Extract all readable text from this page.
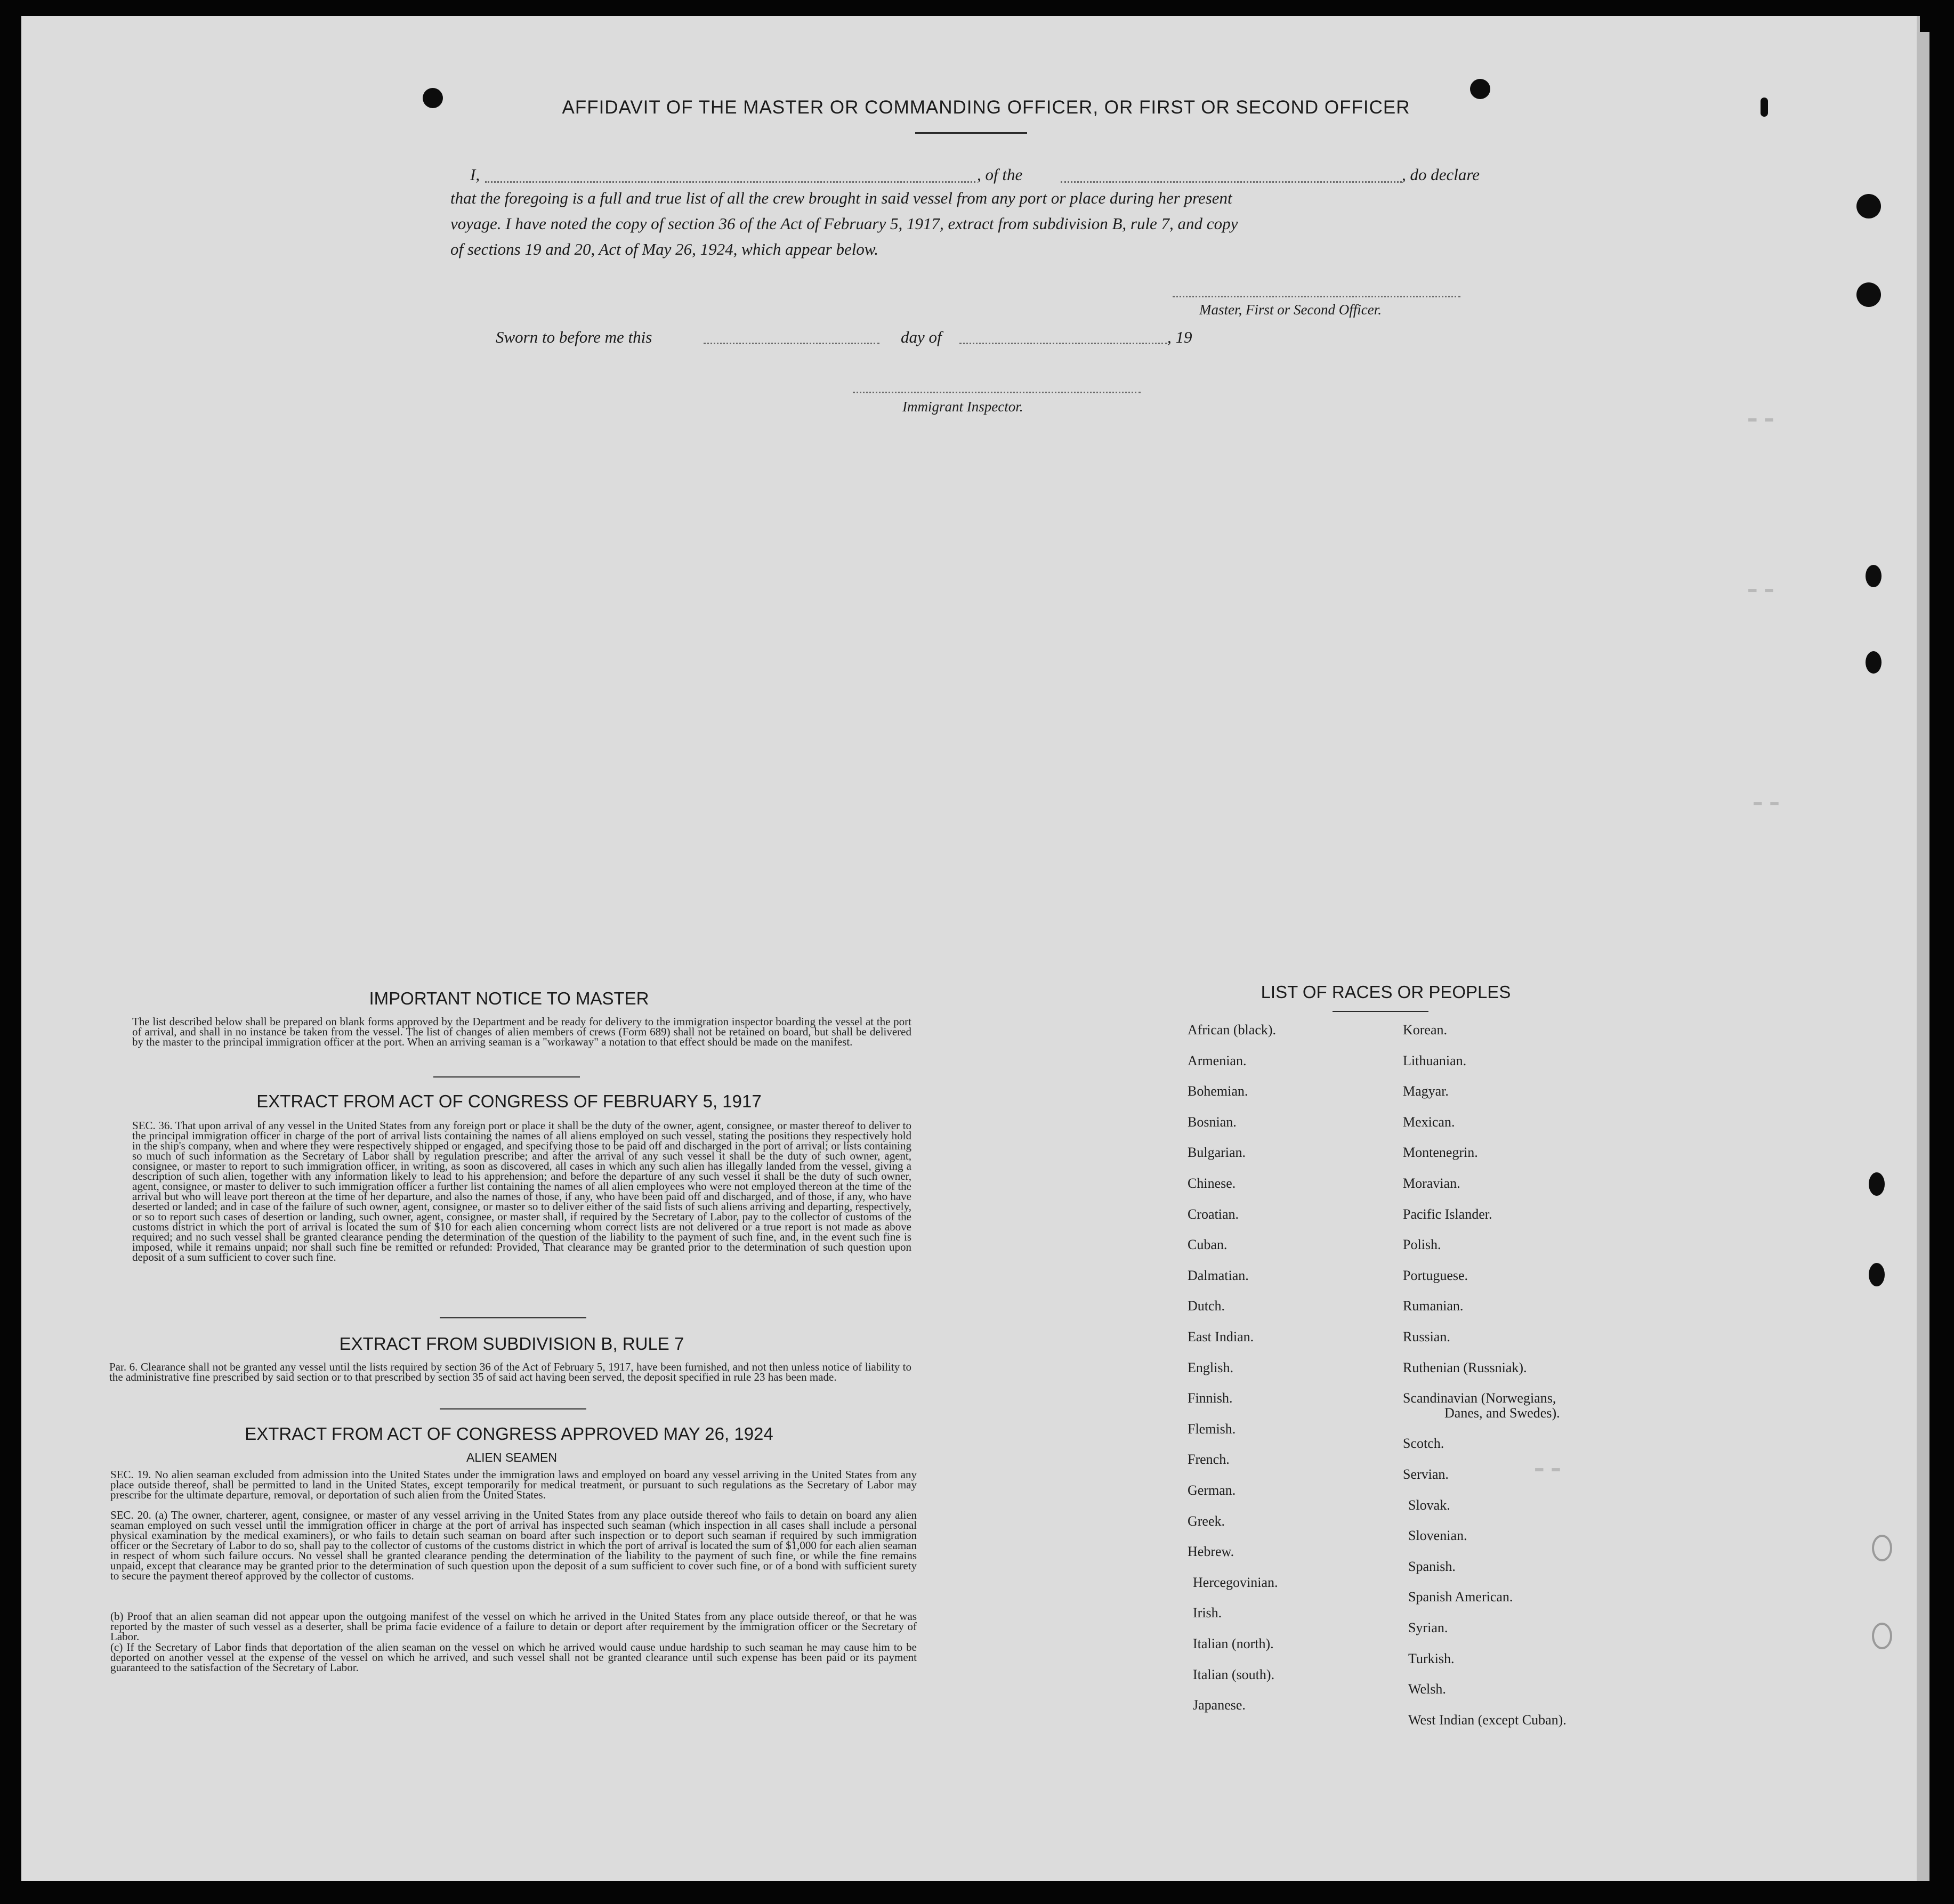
▬ ▬
▬ ▬
▬ ▬
▬ ▬
AFFIDAVIT OF THE MASTER OR COMMANDING OFFICER, OR FIRST OR SECOND OFFICER
I,	, of the	, do declare
that the foregoing is a full and true list of all the crew brought in said vessel from any port or place during her present
voyage. I have noted the copy of section 36 of the Act of February 5, 1917, extract from subdivision B, rule 7, and copy
of sections 19 and 20, Act of May 26, 1924, which appear below.
Master, First or Second Officer.
Sworn to before me this	day of	, 19
Immigrant Inspector.
IMPORTANT NOTICE TO MASTER
The list described below shall be prepared on blank forms approved by the Department and be ready for delivery to the immigration inspector boarding the vessel at the port of arrival, and shall in no instance be taken from the vessel. The list of changes of alien members of crews (Form 689) shall not be retained on board, but shall be delivered by the master to the principal immigration officer at the port. When an arriving seaman is a "workaway" a notation to that effect should be made on the manifest.
EXTRACT FROM ACT OF CONGRESS OF FEBRUARY 5, 1917
SEC. 36. That upon arrival of any vessel in the United States from any foreign port or place it shall be the duty of the owner, agent, consignee, or master thereof to deliver to the principal immigration officer in charge of the port of arrival lists containing the names of all aliens employed on such vessel, stating the positions they respectively hold in the ship's company, when and where they were respectively shipped or engaged, and specifying those to be paid off and discharged in the port of arrival; or lists containing so much of such information as the Secretary of Labor shall by regulation prescribe; and after the arrival of any such vessel it shall be the duty of such owner, agent, consignee, or master to report to such immigration officer, in writing, as soon as discovered, all cases in which any such alien has illegally landed from the vessel, giving a description of such alien, together with any information likely to lead to his apprehension; and before the departure of any such vessel it shall be the duty of such owner, agent, consignee, or master to deliver to such immigration officer a further list containing the names of all alien employees who were not employed thereon at the time of the arrival but who will leave port thereon at the time of her departure, and also the names of those, if any, who have been paid off and discharged, and of those, if any, who have deserted or landed; and in case of the failure of such owner, agent, consignee, or master so to deliver either of the said lists of such aliens arriving and departing, respectively, or so to report such cases of desertion or landing, such owner, agent, consignee, or master shall, if required by the Secretary of Labor, pay to the collector of customs of the customs district in which the port of arrival is located the sum of $10 for each alien concerning whom correct lists are not delivered or a true report is not made as above required; and no such vessel shall be granted clearance pending the determination of the question of the liability to the payment of such fine, and, in the event such fine is imposed, while it remains unpaid; nor shall such fine be remitted or refunded: Provided, That clearance may be granted prior to the determination of such question upon deposit of a sum sufficient to cover such fine.
EXTRACT FROM SUBDIVISION B, RULE 7
Par. 6. Clearance shall not be granted any vessel until the lists required by section 36 of the Act of February 5, 1917, have been furnished, and not then unless notice of liability to the administrative fine prescribed by said section or to that prescribed by section 35 of said act having been served, the deposit specified in rule 23 has been made.
EXTRACT FROM ACT OF CONGRESS APPROVED MAY 26, 1924
ALIEN SEAMEN
SEC. 19. No alien seaman excluded from admission into the United States under the immigration laws and employed on board any vessel arriving in the United States from any place outside thereof, shall be permitted to land in the United States, except temporarily for medical treatment, or pursuant to such regulations as the Secretary of Labor may prescribe for the ultimate departure, removal, or deportation of such alien from the United States.
SEC. 20. (a) The owner, charterer, agent, consignee, or master of any vessel arriving in the United States from any place outside thereof who fails to detain on board any alien seaman employed on such vessel until the immigration officer in charge at the port of arrival has inspected such seaman (which inspection in all cases shall include a personal physical examination by the medical examiners), or who fails to detain such seaman on board after such inspection or to deport such seaman if required by such immigration officer or the Secretary of Labor to do so, shall pay to the collector of customs of the customs district in which the port of arrival is located the sum of $1,000 for each alien seaman in respect of whom such failure occurs. No vessel shall be granted clearance pending the determination of the liability to the payment of such fine, or while the fine remains unpaid, except that clearance may be granted prior to the determination of such question upon the deposit of a sum sufficient to cover such fine, or of a bond with sufficient surety to secure the payment thereof approved by the collector of customs.
(b) Proof that an alien seaman did not appear upon the outgoing manifest of the vessel on which he arrived in the United States from any place outside thereof, or that he was reported by the master of such vessel as a deserter, shall be prima facie evidence of a failure to detain or deport after requirement by the immigration officer or the Secretary of Labor.
(c) If the Secretary of Labor finds that deportation of the alien seaman on the vessel on which he arrived would cause undue hardship to such seaman he may cause him to be deported on another vessel at the expense of the vessel on which he arrived, and such vessel shall not be granted clearance until such expense has been paid or its payment guaranteed to the satisfaction of the Secretary of Labor.
LIST OF RACES OR PEOPLES
African (black).
Armenian.
Bohemian.
Bosnian.
Bulgarian.
Chinese.
Croatian.
Cuban.
Dalmatian.
Dutch.
East Indian.
English.
Finnish.
Flemish.
French.
German.
Greek.
Hebrew.
Hercegovinian.
Irish.
Italian (north).
Italian (south).
Japanese.
Korean.
Lithuanian.
Magyar.
Mexican.
Montenegrin.
Moravian.
Pacific Islander.
Polish.
Portuguese.
Rumanian.
Russian.
Ruthenian (Russniak).
Scandinavian (Norwegians,
Danes, and Swedes).
Scotch.
Servian.
Slovak.
Slovenian.
Spanish.
Spanish American.
Syrian.
Turkish.
Welsh.
West Indian (except Cuban).
